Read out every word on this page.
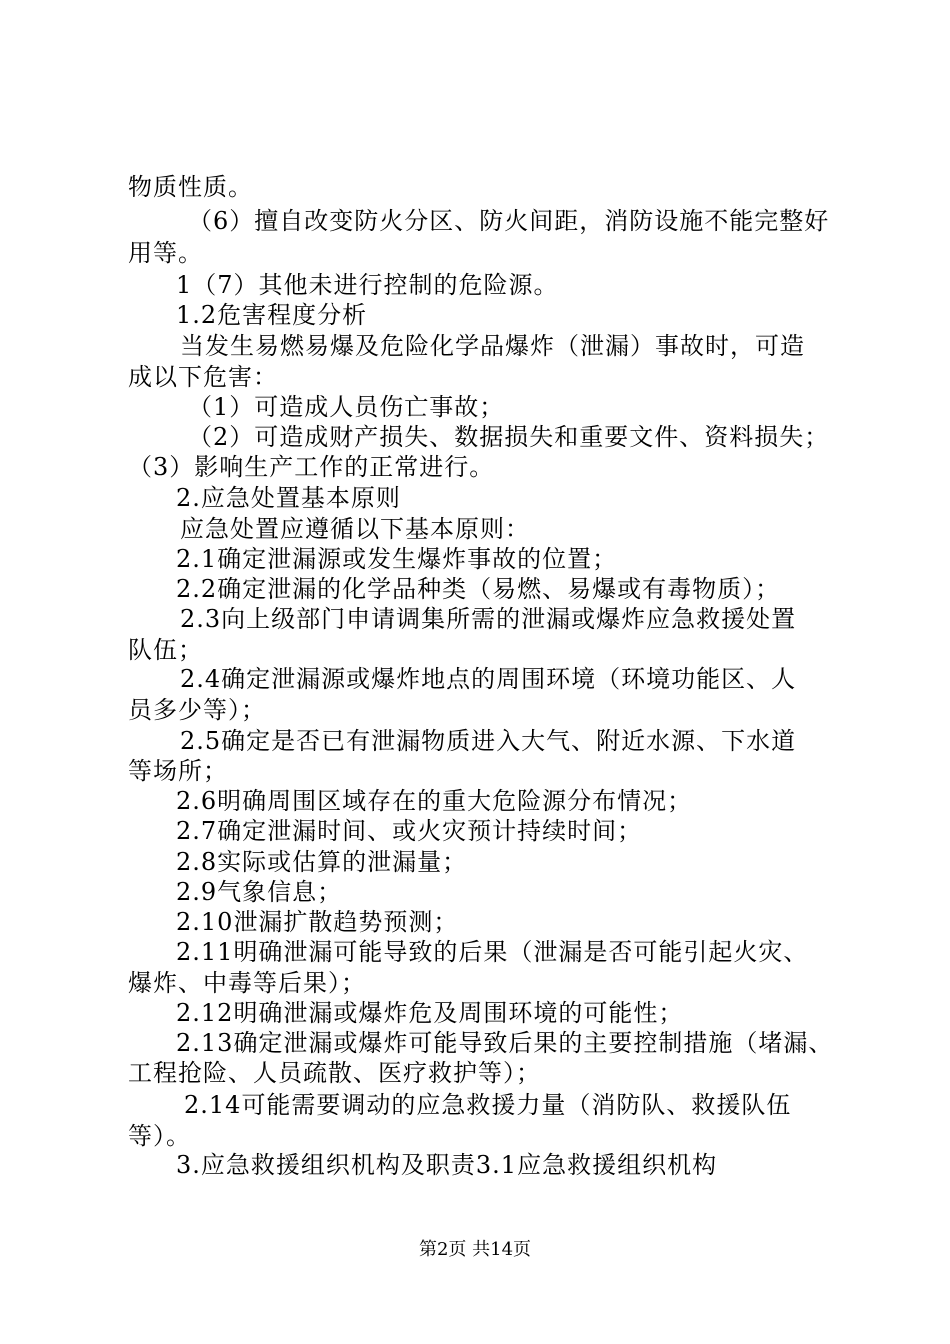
物质性质。
（6）擅自改变防火分区、防火间距，消防设施不能完整好
用等。
1（7）其他未进行控制的危险源。
1.2危害程度分析
当发生易燃易爆及危险化学品爆炸（泄漏）事故时，可造
成以下危害：
（1）可造成人员伤亡事故；
（2）可造成财产损失、数据损失和重要文件、资料损失；
（3）影响生产工作的正常进行。
2.应急处置基本原则
应急处置应遵循以下基本原则：
2.1确定泄漏源或发生爆炸事故的位置；
2.2确定泄漏的化学品种类（易燃、易爆或有毒物质）；
2.3向上级部门申请调集所需的泄漏或爆炸应急救援处置
队伍；
2.4确定泄漏源或爆炸地点的周围环境（环境功能区、人
员多少等）；
2.5确定是否已有泄漏物质进入大气、附近水源、下水道
等场所；
2.6明确周围区域存在的重大危险源分布情况；
2.7确定泄漏时间、或火灾预计持续时间；
2.8实际或估算的泄漏量；
2.9气象信息；
2.10泄漏扩散趋势预测；
2.11明确泄漏可能导致的后果（泄漏是否可能引起火灾、
爆炸、中毒等后果）；
2.12明确泄漏或爆炸危及周围环境的可能性；
2.13确定泄漏或爆炸可能导致后果的主要控制措施（堵漏、
工程抢险、人员疏散、医疗救护等）；
2.14可能需要调动的应急救援力量（消防队、救援队伍
等）。
3.应急救援组织机构及职责3.1应急救援组织机构
第2页 共14页
